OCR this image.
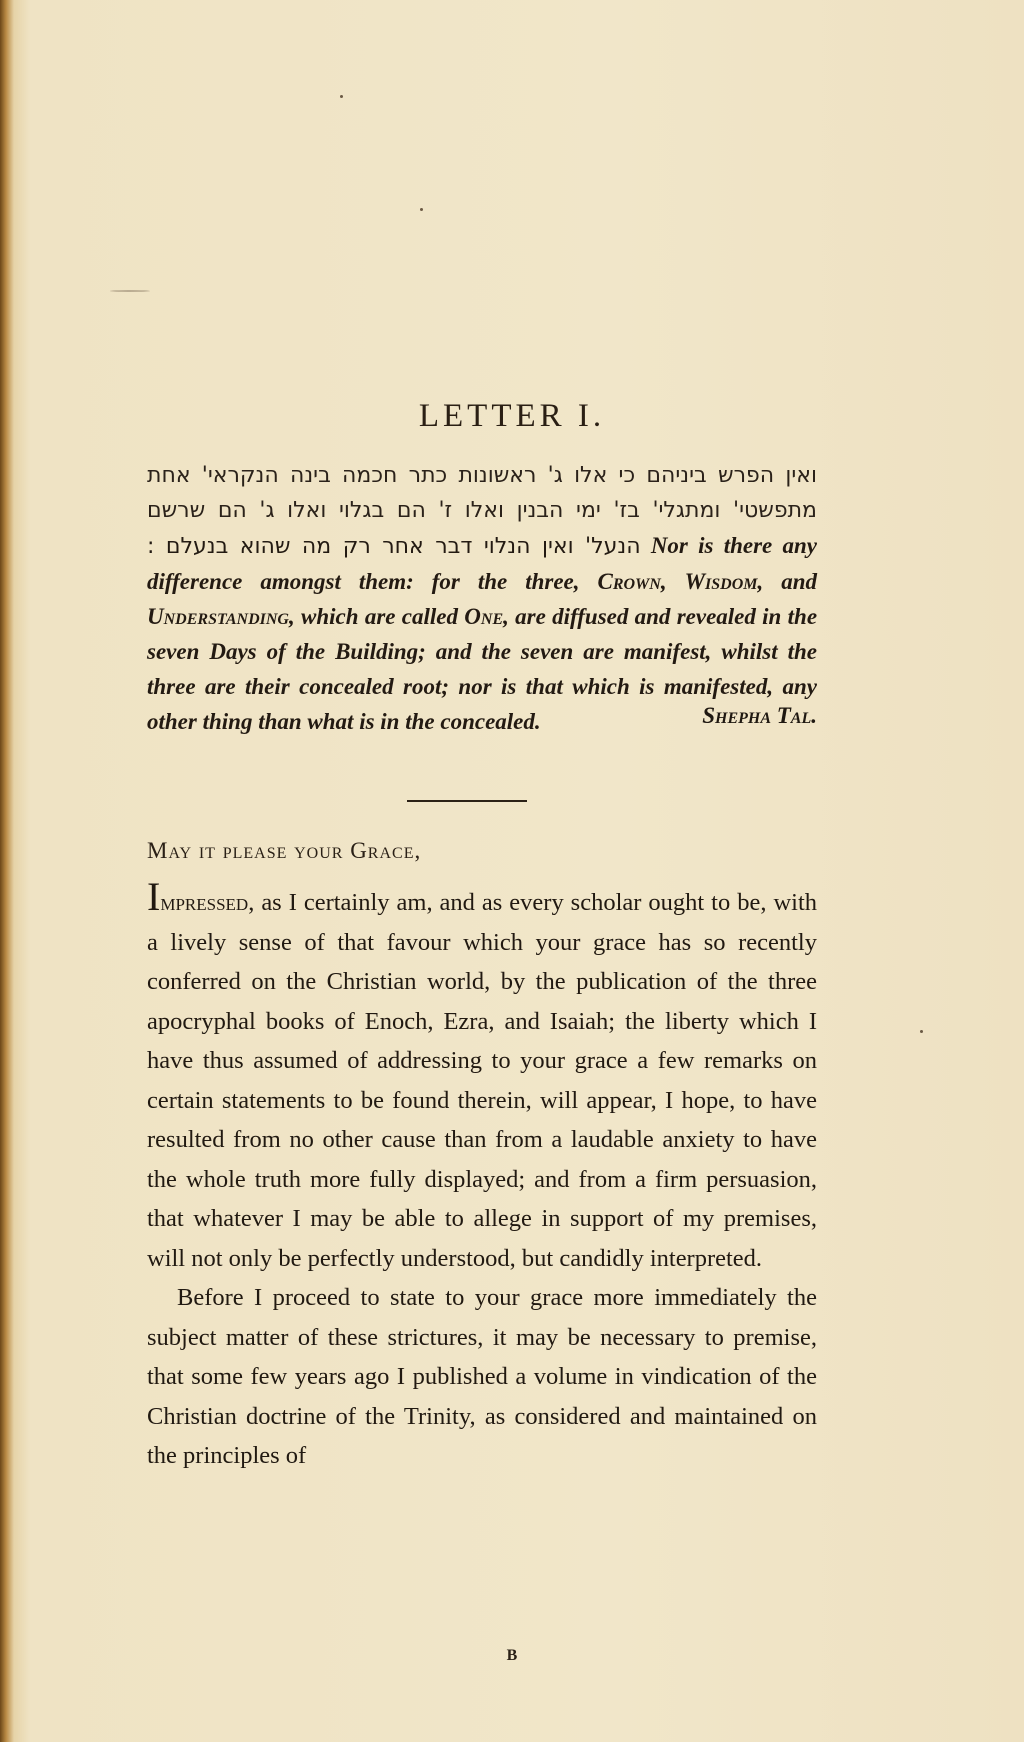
LETTER I.
ואין הפרש ביניהם כי אלו ג' ראשונות כתר חכמה בינה הנקראי' אחת מתפשטי' ומתגלי' בז' ימי הבנין ואלו ז' הם בגלוי ואלו ג' הם שרשם
הנעל' ואין הנלוי דבר אחר רק מה שהוא בנעלם : Nor is there any difference amongst them: for the three, Crown, Wisdom, and Understanding, which are called One, are diffused and revealed in the seven Days of the Building; and the seven are manifest, whilst the three are their concealed root; nor is that which is manifested, any other thing than what is in the concealed.	Shepha Tal.
May it please your Grace,

Impressed, as I certainly am, and as every scholar ought to be, with a lively sense of that favour which your grace has so recently conferred on the Christian world, by the publication of the three apocryphal books of Enoch, Ezra, and Isaiah; the liberty which I have thus assumed of addressing to your grace a few remarks on certain statements to be found therein, will appear, I hope, to have resulted from no other cause than from a laudable anxiety to have the whole truth more fully displayed; and from a firm persuasion, that whatever I may be able to allege in support of my premises, will not only be perfectly understood, but candidly interpreted.

Before I proceed to state to your grace more immediately the subject matter of these strictures, it may be necessary to premise, that some few years ago I published a volume in vindication of the Christian doctrine of the Trinity, as considered and maintained on the principles of

B
